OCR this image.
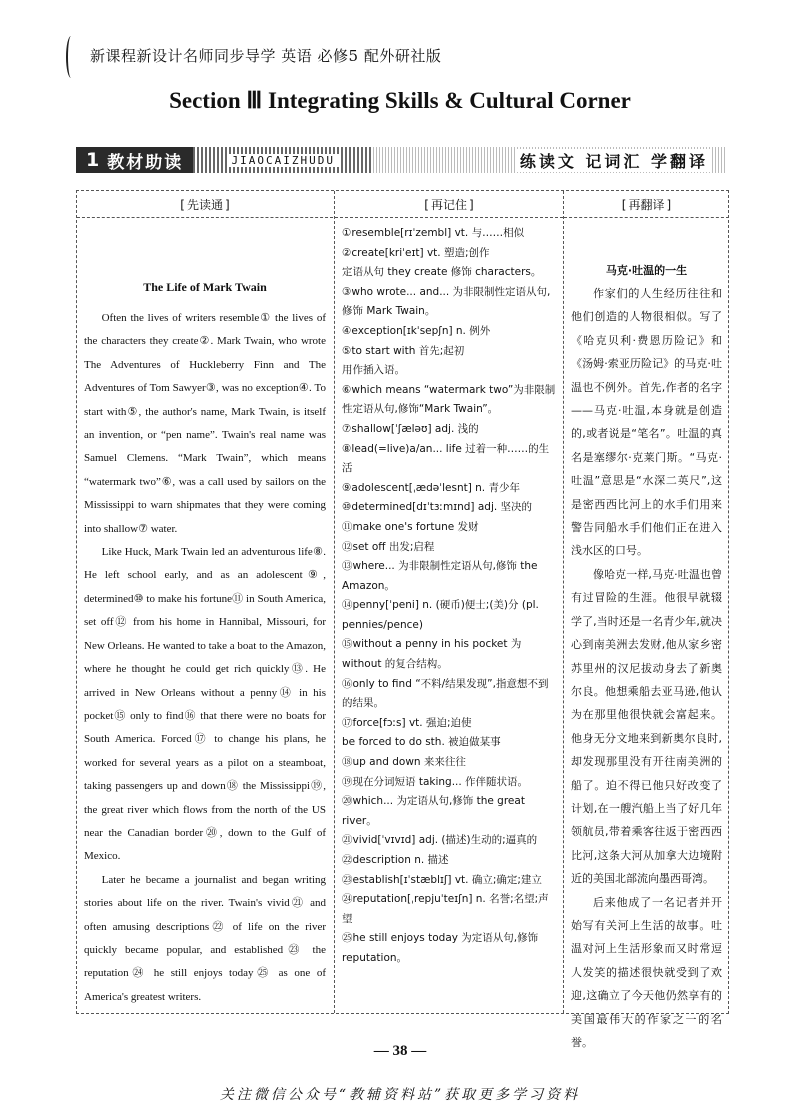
新课程新设计名师同步导学 英语 必修5 配外研社版
Section Ⅲ Integrating Skills & Cultural Corner
1 教材助读	JIAOCAIZHUDU	练读文 记词汇 学翻译
[ 先读通 ]
The Life of Mark Twain

Often the lives of writers resemble① the lives of the characters they create②. Mark Twain, who wrote The Adventures of Huckleberry Finn and The Adventures of Tom Sawyer③, was no exception④. To start with⑤, the author's name, Mark Twain, is itself an invention, or “pen name”. Twain's real name was Samuel Clemens. “Mark Twain”, which means “watermark two”⑥, was a call used by sailors on the Mississippi to warn shipmates that they were coming into shallow⑦ water.

Like Huck, Mark Twain led an adventurous life⑧. He left school early, and as an adolescent⑨, determined⑩ to make his fortune⑪ in South America, set off⑫ from his home in Hannibal, Missouri, for New Orleans. He wanted to take a boat to the Amazon, where he thought he could get rich quickly⑬. He arrived in New Orleans without a penny⑭ in his pocket⑮ only to find⑯ that there were no boats for South America. Forced⑰ to change his plans, he worked for several years as a pilot on a steamboat, taking passengers up and down⑱ the Mississippi⑲, the great river which flows from the north of the US near the Canadian border⑳, down to the Gulf of Mexico.

Later he became a journalist and began writing stories about life on the river. Twain's vivid㉑ and often amusing descriptions㉒ of life on the river quickly became popular, and established㉓ the reputation㉔ he still enjoys today㉕ as one of America's greatest writers.

[ 再记住 ]
①resemble[rɪˈzembl] vt. 与……相似
②create[kriˈeɪt] vt. 塑造;创作
定语从句 they create 修饰 characters。
③who wrote... and... 为非限制性定语从句,修饰 Mark Twain。
④exception[ɪkˈsepʃn] n. 例外
⑤to start with 首先;起初
用作插入语。
⑥which means “watermark two”为非限制性定语从句,修饰“Mark Twain”。
⑦shallow[ˈʃæləʊ] adj. 浅的
⑧lead(=live)a/an... life 过着一种……的生活
⑨adolescent[ˌædəˈlesnt] n. 青少年
⑩determined[dɪˈtɜːmɪnd] adj. 坚决的
⑪make one's fortune 发财
⑫set off 出发;启程
⑬where... 为非限制性定语从句,修饰 the Amazon。
⑭penny[ˈpeni] n. (硬币)便士;(美)分 (pl. pennies/pence)
⑮without a penny in his pocket 为 without 的复合结构。
⑯only to find “不料/结果发现”,指意想不到的结果。
⑰force[fɔːs] vt. 强迫;迫使
be forced to do sth. 被迫做某事
⑱up and down 来来往往
⑲现在分词短语 taking... 作伴随状语。
⑳which... 为定语从句,修饰 the great river。
㉑vivid[ˈvɪvɪd] adj. (描述)生动的;逼真的
㉒description n. 描述
㉓establish[ɪˈstæblɪʃ] vt. 确立;确定;建立
㉔reputation[ˌrepjuˈteɪʃn] n. 名誉;名望;声望
㉕he still enjoys today 为定语从句,修饰 reputation。
[ 再翻译 ]
马克·吐温的一生

作家们的人生经历往往和他们创造的人物很相似。写了《哈克贝利·费恩历险记》和《汤姆·索亚历险记》的马克·吐温也不例外。首先,作者的名字——马克·吐温,本身就是创造的,或者说是“笔名”。吐温的真名是塞缪尔·克莱门斯。“马克·吐温”意思是“水深二英尺”,这是密西西比河上的水手们用来警告同船水手们他们正在进入浅水区的口号。

像哈克一样,马克·吐温也曾有过冒险的生涯。他很早就辍学了,当时还是一名青少年,就决心到南美洲去发财,他从家乡密苏里州的汉尼拔动身去了新奥尔良。他想乘船去亚马逊,他认为在那里他很快就会富起来。他身无分文地来到新奥尔良时,却发现那里没有开往南美洲的船了。迫不得已他只好改变了计划,在一艘汽船上当了好几年领航员,带着乘客往返于密西西比河,这条大河从加拿大边境附近的美国北部流向墨西哥湾。

后来他成了一名记者并开始写有关河上生活的故事。吐温对河上生活形象而又时常逗人发笑的描述很快就受到了欢迎,这确立了今天他仍然享有的美国最伟大的作家之一的名誉。

— 38 —
关注微信公众号“教辅资料站”获取更多学习资料
